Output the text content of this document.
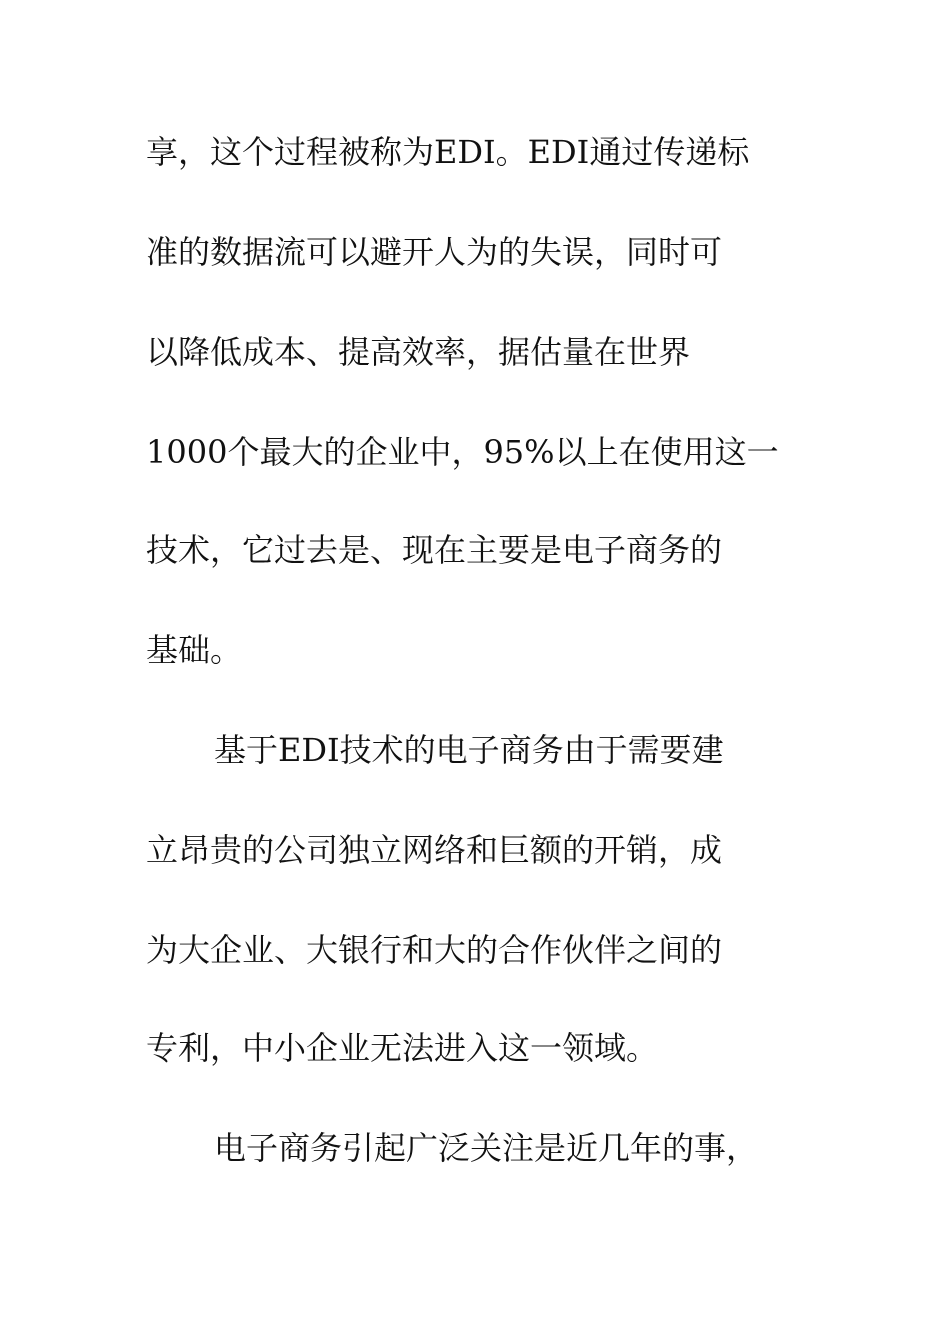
享，这个过程被称为EDI。EDI通过传递标
准的数据流可以避开人为的失误，同时可
以降低成本、提高效率，据估量在世界
1000个最大的企业中，95%以上在使用这一
技术，它过去是、现在主要是电子商务的
基础。
基于EDI技术的电子商务由于需要建
立昂贵的公司独立网络和巨额的开销，成
为大企业、大银行和大的合作伙伴之间的
专利，中小企业无法进入这一领域。
电子商务引起广泛关注是近几年的事，
